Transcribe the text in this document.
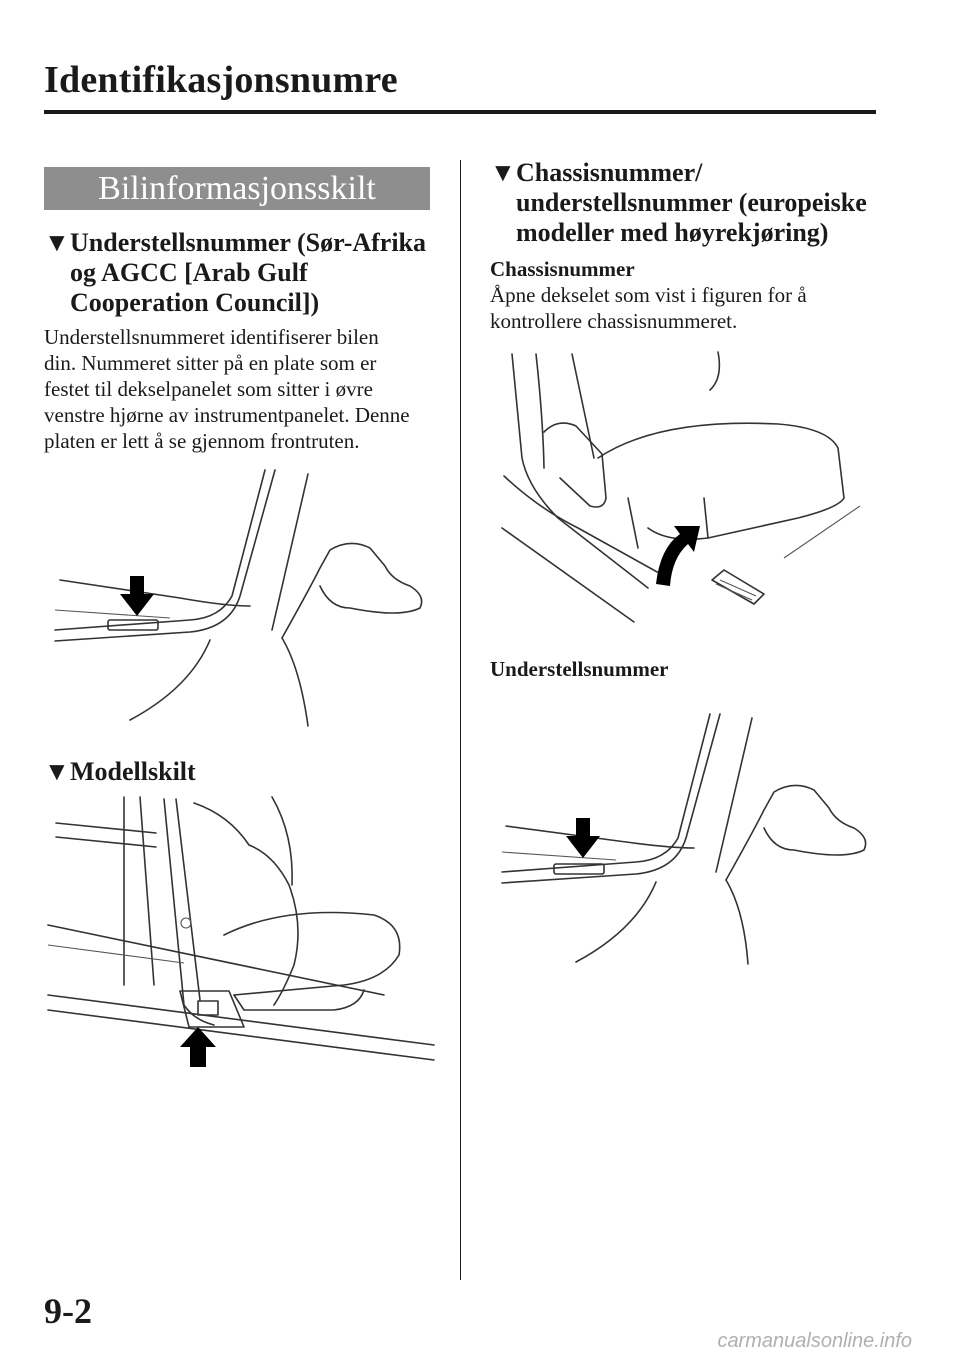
Identifikasjonsnumre
Bilinformasjonsskilt
▼Understellsnummer (Sør-Afrika
og AGCC [Arab Gulf
Cooperation Council])
Understellsnummeret identifiserer bilen
din. Nummeret sitter på en plate som er
festet til dekselpanelet som sitter i øvre
venstre hjørne av instrumentpanelet. Denne
platen er lett å se gjennom frontruten.
▼Modellskilt
▼Chassisnummer/
understellsnummer (europeiske
modeller med høyrekjøring)
Chassisnummer
Åpne dekselet som vist i figuren for å
kontrollere chassisnummeret.
Understellsnummer
9-2
carmanualsonline.info
